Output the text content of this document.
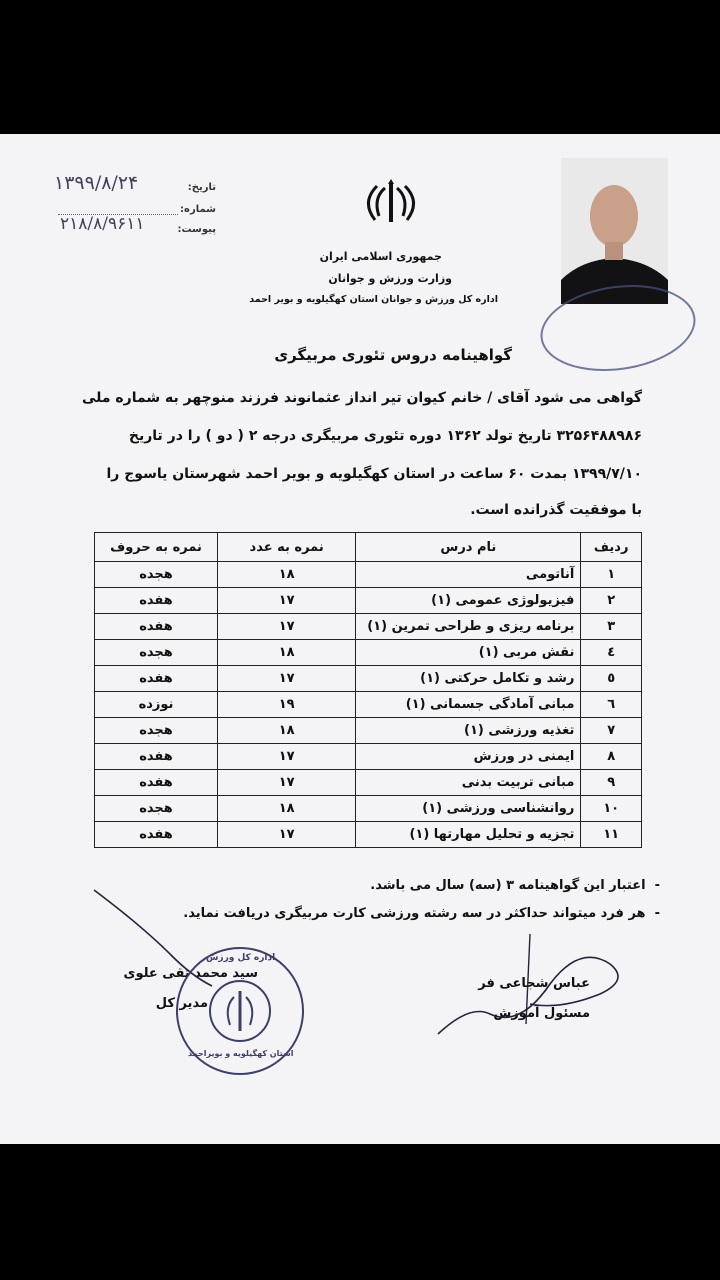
تاریخ:
۱۳۹۹/۸/۲۴
شماره:
پیوست:
۲۱۸/۸/۹۶۱۱
جمهوری اسلامی ایران
وزارت ورزش و جوانان
اداره کل ورزش و جوانان استان کهگیلویه و بویر احمد
گواهینامه دروس تئوری مربیگری
گواهی می شود آقای / خانم کیوان تیر انداز عثمانوند فرزند منوچهر به شماره ملی
۳۲۵۶۴۸۸۹۸۶ تاریخ تولد ۱۳۶۲ دوره تئوری مربیگری درجه ۲ ( دو ) را در تاریخ
۱۳۹۹/۷/۱۰ بمدت ۶۰ ساعت در استان کهگیلویه و بویر احمد شهرستان یاسوج را
با موفقیت گذرانده است.
ردیف	نام درس	نمره به عدد	نمره به حروف
۱	آناتومی	۱۸	هجده
۲	فیزیولوژی عمومی (۱)	۱۷	هفده
۳	برنامه ریزی و طراحی تمرین (۱)	۱۷	هفده
٤	نقش مربی (۱)	۱۸	هجده
٥	رشد و تکامل حرکتی (۱)	۱۷	هفده
٦	مبانی آمادگی جسمانی (۱)	۱۹	نوزده
۷	تغذیه ورزشی (۱)	۱۸	هجده
۸	ایمنی در ورزش	۱۷	هفده
۹	مبانی تربیت بدنی	۱۷	هفده
۱۰	روانشناسی ورزشی (۱)	۱۸	هجده
۱۱	تجزیه و تحلیل مهارتها (۱)	۱۷	هفده
-  اعتبار این گواهینامه ۳ (سه) سال می باشد.
-  هر فرد میتواند حداکثر در سه رشته ورزشی کارت مربیگری دریافت نماید.
عباس شجاعی فر
مسئول آموزش
سید محمد تقی علوی
مدیر کل
اداره کل ورزش
استان کهگیلویه و بویراحمد
